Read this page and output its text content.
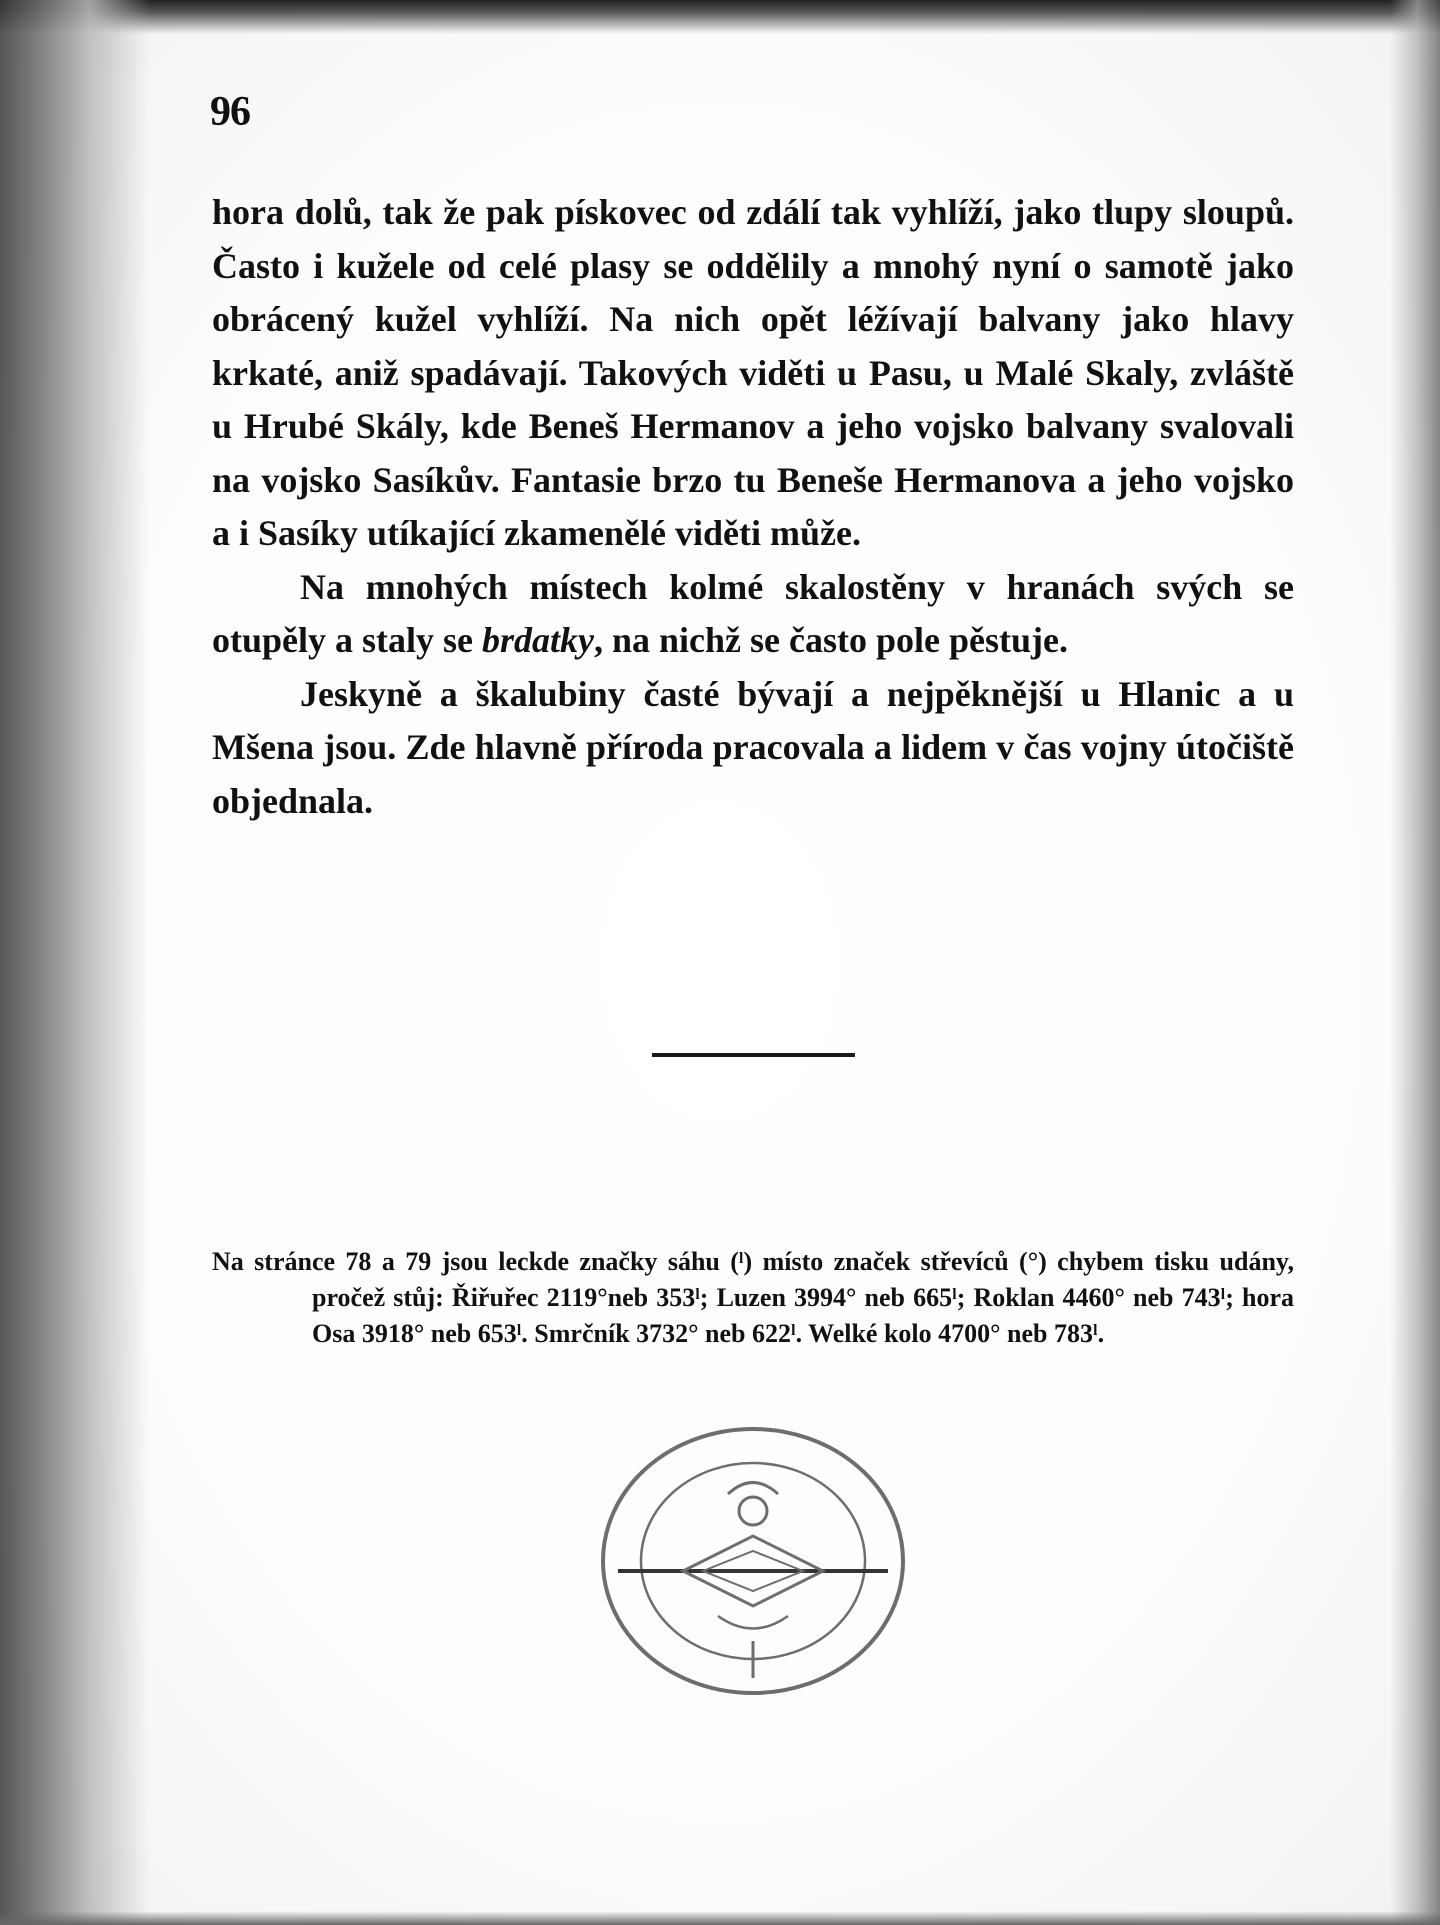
96

hora dolů, tak že pak pískovec od zdálí tak vyhlíží, jako tlupy sloupů. Často i kužele od celé plasy se oddělily a mnohý nyní o samotě jako obrácený kužel vyhlíží. Na nich opět léžívají balvany jako hlavy krkaté, aniž spadávají. Takových viděti u Pasu, u Malé Skaly, zvláště u Hrubé Skály, kde Beneš Hermanov a jeho vojsko balvany svalovali na vojsko Sasíkův. Fantasie brzo tu Beneše Hermanova a jeho vojsko a i Sasíky utíkající zkamenělé viděti může.

Na mnohých místech kolmé skalostěny v hranách svých se otupěly a staly se brdatky, na nichž se často pole pěstuje.

Jeskyně a škalubiny časté bývají a nejpěknější u Hlanic a u Mšena jsou. Zde hlavně příroda pracovala a lidem v čas vojny útočiště objednala.

Na stránce 78 a 79 jsou leckde značky sáhu (ˡ) místo značek střevíců (°) chybem tisku udány, pročež stůj: Řiřuřec 2119°neb 353ˡ; Luzen 3994° neb 665ˡ; Roklan 4460° neb 743ˡ; hora Osa 3918° neb 653ˡ. Smrčník 3732° neb 622ˡ. Welké kolo 4700° neb 783ˡ.
